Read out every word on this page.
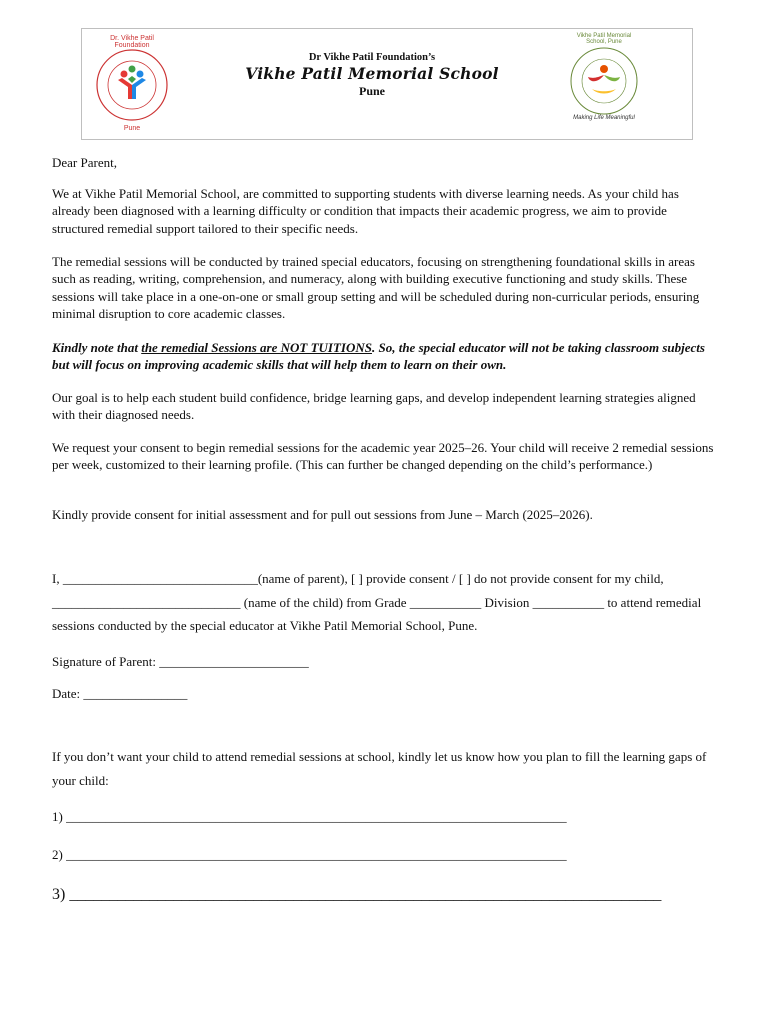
Dr. Vikhe Patil Foundation
Pune
Dr Vikhe Patil Foundation’s
Vikhe Patil Memorial School
Pune
Vikhe Patil Memorial School, Pune
Making Life Meaningful

Dear Parent,

We at Vikhe Patil Memorial School, are committed to supporting students with diverse learning needs. As your child has already been diagnosed with a learning difficulty or condition that impacts their academic progress, we aim to provide structured remedial support tailored to their specific needs.

The remedial sessions will be conducted by trained special educators, focusing on strengthening foundational skills in areas such as reading, writing, comprehension, and numeracy, along with building executive functioning and study skills. These sessions will take place in a one-on-one or small group setting and will be scheduled during non-curricular periods, ensuring minimal disruption to core academic classes.

Kindly note that the remedial Sessions are NOT TUITIONS. So, the special educator will not be taking classroom subjects but will focus on improving academic skills that will help them to learn on their own.

Our goal is to help each student build confidence, bridge learning gaps, and develop independent learning strategies aligned with their diagnosed needs.

We request your consent to begin remedial sessions for the academic year 2025–26. Your child will receive 2 remedial sessions per week, customized to their learning profile. (This can further be changed depending on the child’s performance.)

Kindly provide consent for initial assessment and for pull out sessions from June – March (2025–2026).

I, ______________________________(name of parent), [ ] provide consent / [ ] do not provide consent for my child, _____________________________ (name of the child) from Grade ___________ Division ___________ to attend remedial sessions conducted by the special educator at Vikhe Patil Memorial School, Pune.

Signature of Parent: _______________________

Date: ________________

If you don’t want your child to attend remedial sessions at school, kindly let us know how you plan to fill the learning gaps of your child:

1) _____________________________________________________________________________

2) _____________________________________________________________________________

3) __________________________________________________________________________
